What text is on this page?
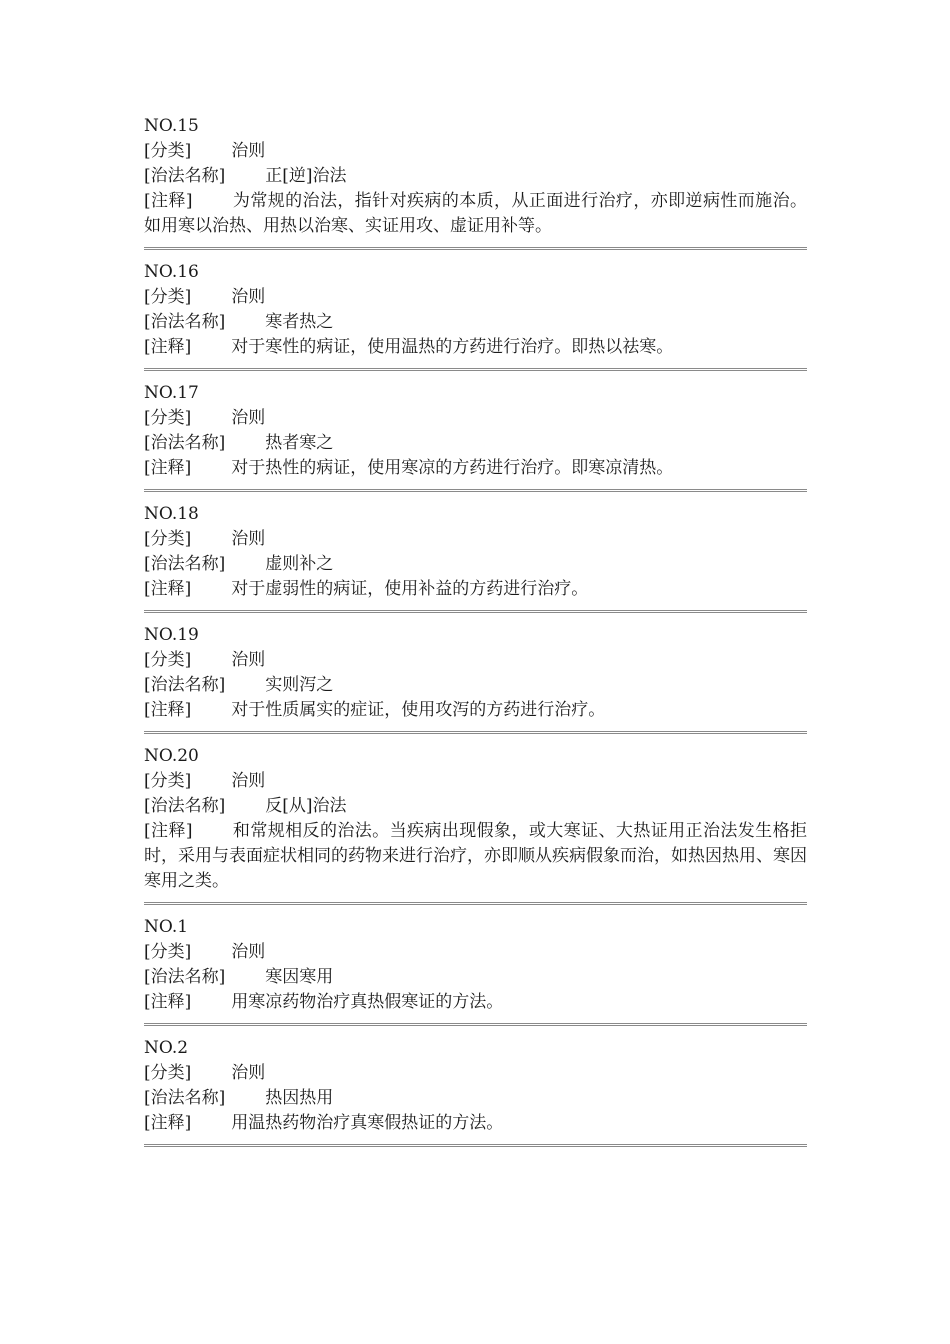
NO.15
[分类] 治则
[治法名称] 正[逆]治法
[注释] 为常规的治法，指针对疾病的本质，从正面进行治疗，亦即逆病性而施治。如用寒以治热、用热以治寒、实证用攻、虚证用补等。
NO.16
[分类] 治则
[治法名称] 寒者热之
[注释] 对于寒性的病证，使用温热的方药进行治疗。即热以祛寒。
NO.17
[分类] 治则
[治法名称] 热者寒之
[注释] 对于热性的病证，使用寒凉的方药进行治疗。即寒凉清热。
NO.18
[分类] 治则
[治法名称] 虚则补之
[注释] 对于虚弱性的病证，使用补益的方药进行治疗。
NO.19
[分类] 治则
[治法名称] 实则泻之
[注释] 对于性质属实的症证，使用攻泻的方药进行治疗。
NO.20
[分类] 治则
[治法名称] 反[从]治法
[注释] 和常规相反的治法。当疾病出现假象，或大寒证、大热证用正治法发生格拒时，采用与表面症状相同的药物来进行治疗，亦即顺从疾病假象而治，如热因热用、寒因寒用之类。
NO.1
[分类] 治则
[治法名称] 寒因寒用
[注释] 用寒凉药物治疗真热假寒证的方法。
NO.2
[分类] 治则
[治法名称] 热因热用
[注释] 用温热药物治疗真寒假热证的方法。
